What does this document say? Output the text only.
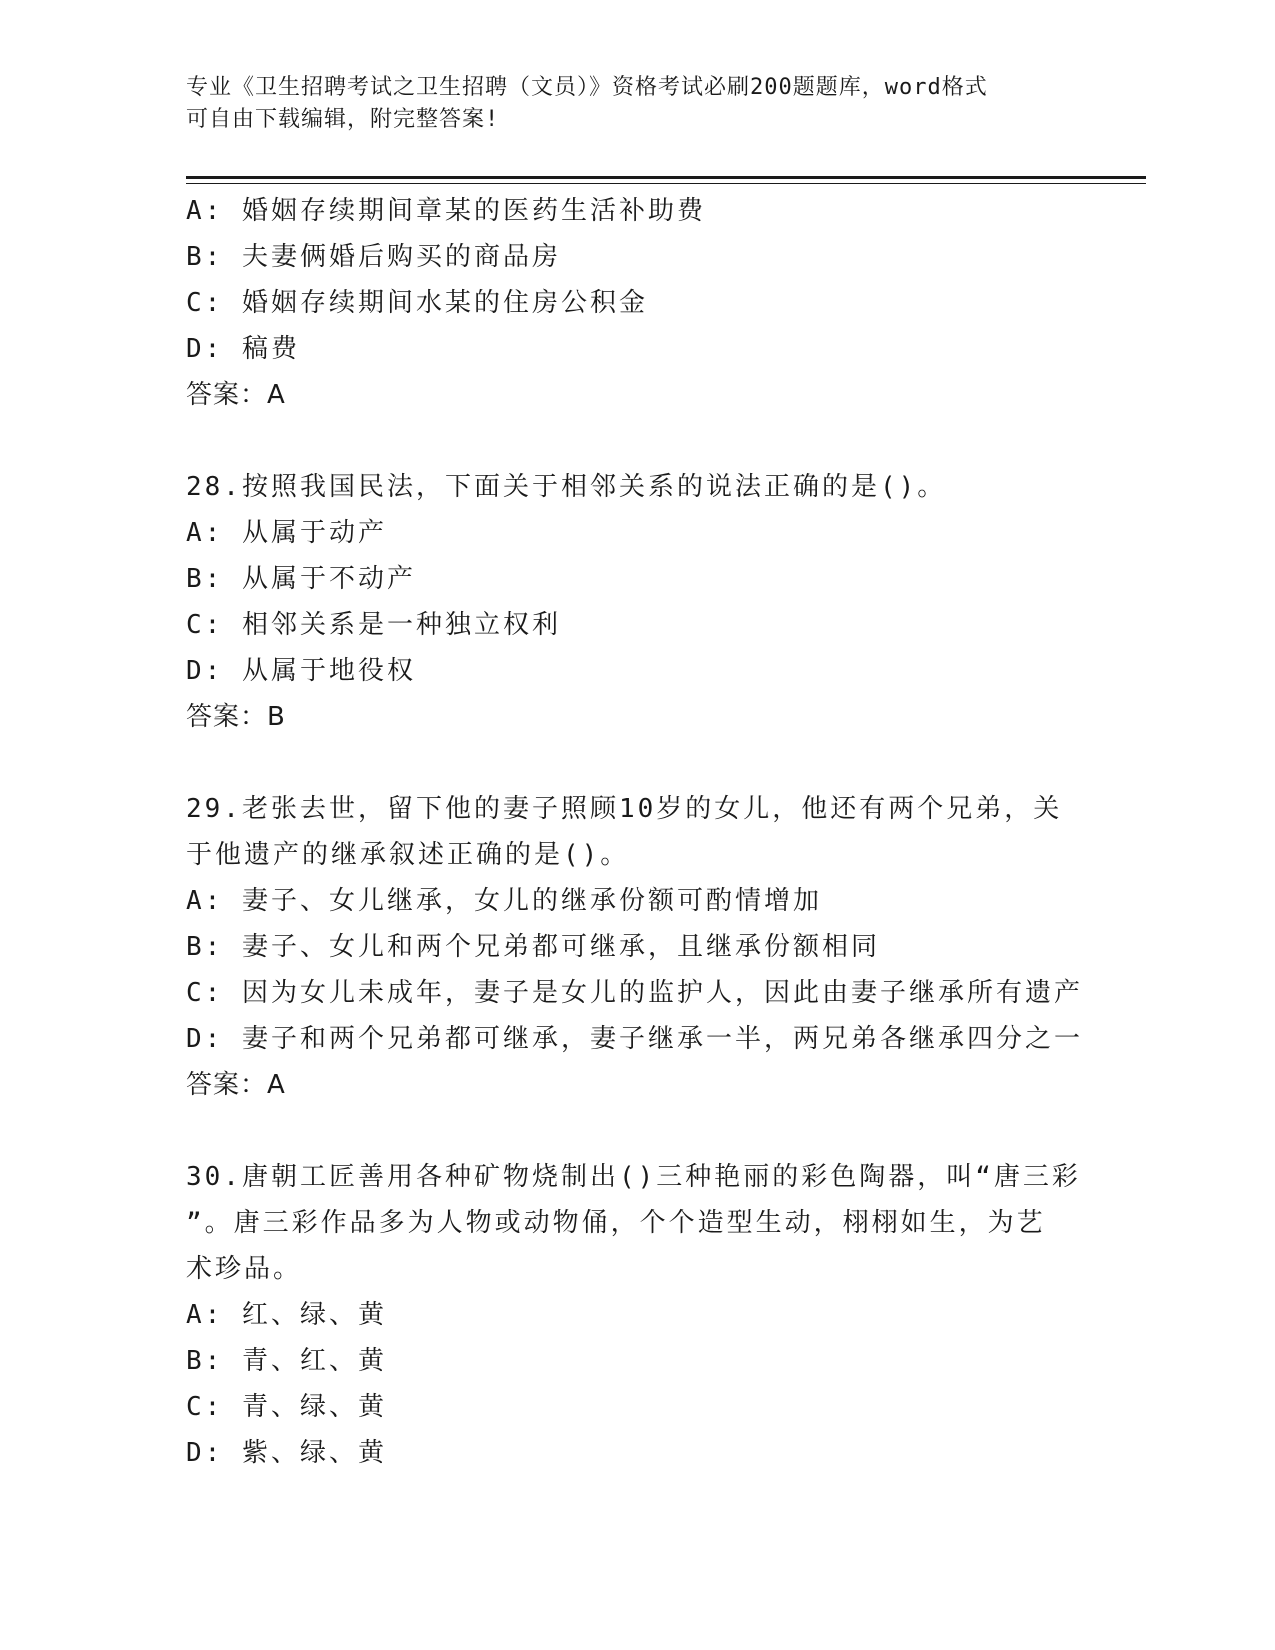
专业《卫生招聘考试之卫生招聘（文员）》资格考试必刷200题题库，word格式
可自由下载编辑，附完整答案!
A: 婚姻存续期间章某的医药生活补助费
B: 夫妻俩婚后购买的商品房
C: 婚姻存续期间水某的住房公积金
D: 稿费
答案：A
28.按照我国民法，下面关于相邻关系的说法正确的是()。
A: 从属于动产
B: 从属于不动产
C: 相邻关系是一种独立权利
D: 从属于地役权
答案：B
29.老张去世，留下他的妻子照顾10岁的女儿，他还有两个兄弟，关
于他遗产的继承叙述正确的是()。
A: 妻子、女儿继承，女儿的继承份额可酌情增加
B: 妻子、女儿和两个兄弟都可继承，且继承份额相同
C: 因为女儿未成年，妻子是女儿的监护人，因此由妻子继承所有遗产
D: 妻子和两个兄弟都可继承，妻子继承一半，两兄弟各继承四分之一
答案：A
30.唐朝工匠善用各种矿物烧制出()三种艳丽的彩色陶器，叫“唐三彩
”。唐三彩作品多为人物或动物俑，个个造型生动，栩栩如生，为艺
术珍品。
A: 红、绿、黄
B: 青、红、黄
C: 青、绿、黄
D: 紫、绿、黄
